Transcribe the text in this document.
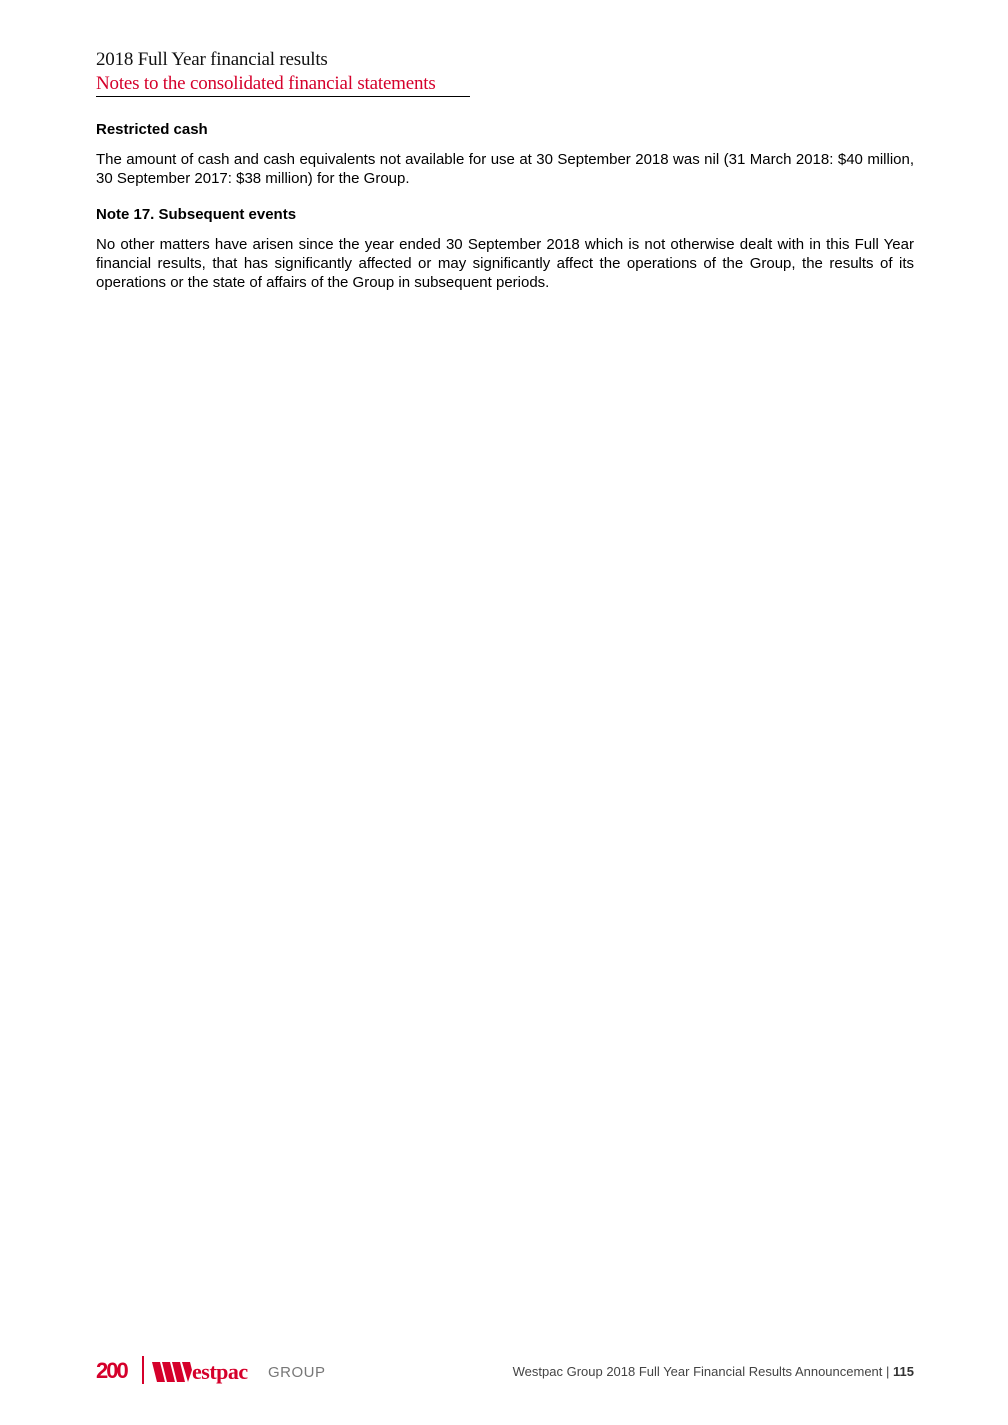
2018 Full Year financial results
Notes to the consolidated financial statements
Restricted cash

The amount of cash and cash equivalents not available for use at 30 September 2018 was nil (31 March 2018: $40 million, 30 September 2017: $38 million) for the Group.

Note 17. Subsequent events

No other matters have arisen since the year ended 30 September 2018 which is not otherwise dealt with in this Full Year financial results, that has significantly affected or may significantly affect the operations of the Group, the results of its operations or the state of affairs of the Group in subsequent periods.

200	estpac GROUP	Westpac Group 2018 Full Year Financial Results Announcement | 115
